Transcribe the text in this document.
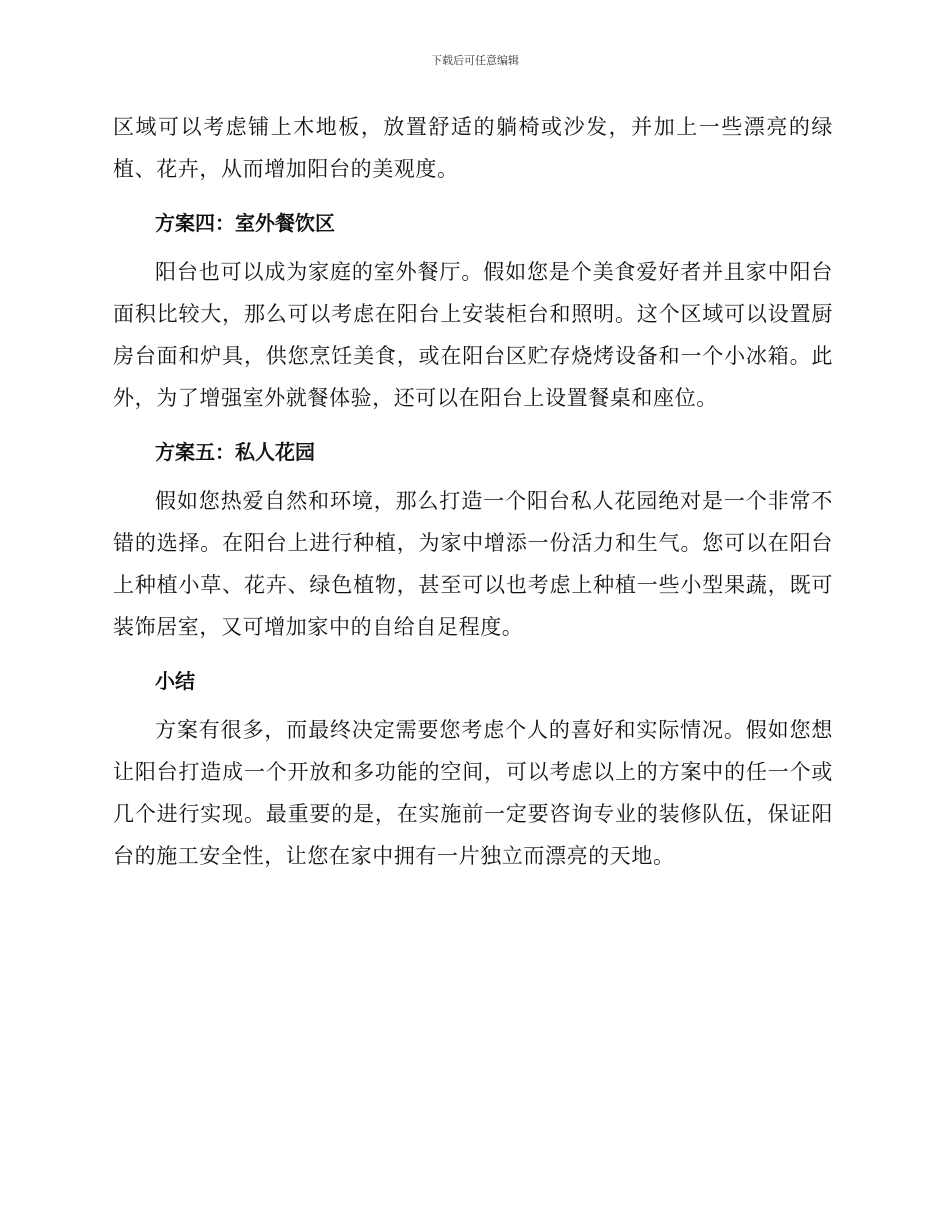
下载后可任意编辑

区域可以考虑铺上木地板，放置舒适的躺椅或沙发，并加上一些漂亮的绿植、花卉，从而增加阳台的美观度。

方案四：室外餐饮区

阳台也可以成为家庭的室外餐厅。假如您是个美食爱好者并且家中阳台面积比较大，那么可以考虑在阳台上安装柜台和照明。这个区域可以设置厨房台面和炉具，供您烹饪美食，或在阳台区贮存烧烤设备和一个小冰箱。此外，为了增强室外就餐体验，还可以在阳台上设置餐桌和座位。

方案五：私人花园

假如您热爱自然和环境，那么打造一个阳台私人花园绝对是一个非常不错的选择。在阳台上进行种植，为家中增添一份活力和生气。您可以在阳台上种植小草、花卉、绿色植物，甚至可以也考虑上种植一些小型果蔬，既可装饰居室，又可增加家中的自给自足程度。

小结

方案有很多，而最终决定需要您考虑个人的喜好和实际情况。假如您想让阳台打造成一个开放和多功能的空间，可以考虑以上的方案中的任一个或几个进行实现。最重要的是，在实施前一定要咨询专业的装修队伍，保证阳台的施工安全性，让您在家中拥有一片独立而漂亮的天地。
